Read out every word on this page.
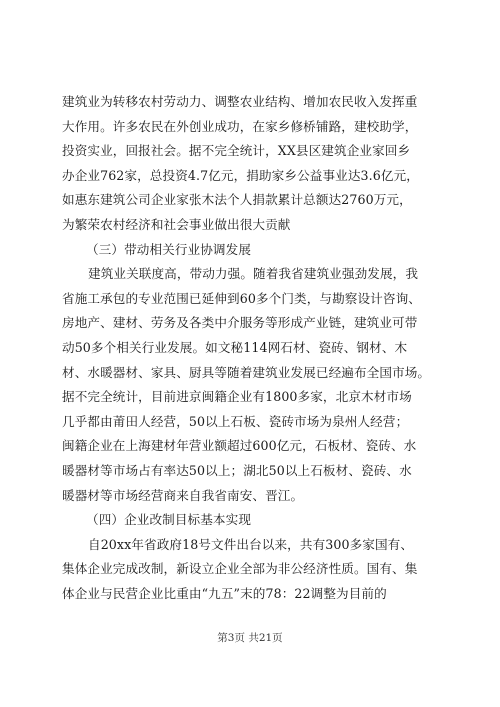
建筑业为转移农村劳动力、调整农业结构、增加农民收入发挥重
大作用。许多农民在外创业成功，在家乡修桥铺路，建校助学，
投资实业，回报社会。据不完全统计，XX县区建筑企业家回乡
办企业762家，总投资4.7亿元，捐助家乡公益事业达3.6亿元，
如惠东建筑公司企业家张木法个人捐款累计总额达2760万元，
为繁荣农村经济和社会事业做出很大贡献
（三）带动相关行业协调发展
建筑业关联度高，带动力强。随着我省建筑业强劲发展，我
省施工承包的专业范围已延伸到60多个门类，与勘察设计咨询、
房地产、建材、劳务及各类中介服务等形成产业链，建筑业可带
动50多个相关行业发展。如文秘114网石材、瓷砖、钢材、木
材、水暖器材、家具、厨具等随着建筑业发展已经遍布全国市场。
据不完全统计，目前进京闽籍企业有1800多家，北京木材市场
几乎都由莆田人经营，50以上石板、瓷砖市场为泉州人经营；
闽籍企业在上海建材年营业额超过600亿元，石板材、瓷砖、水
暖器材等市场占有率达50以上；湖北50以上石板材、瓷砖、水
暖器材等市场经营商来自我省南安、晋江。
（四）企业改制目标基本实现
自20xx年省政府18号文件出台以来，共有300多家国有、
集体企业完成改制，新设立企业全部为非公经济性质。国有、集
体企业与民营企业比重由“九五”末的78：22调整为目前的
第3页 共21页
